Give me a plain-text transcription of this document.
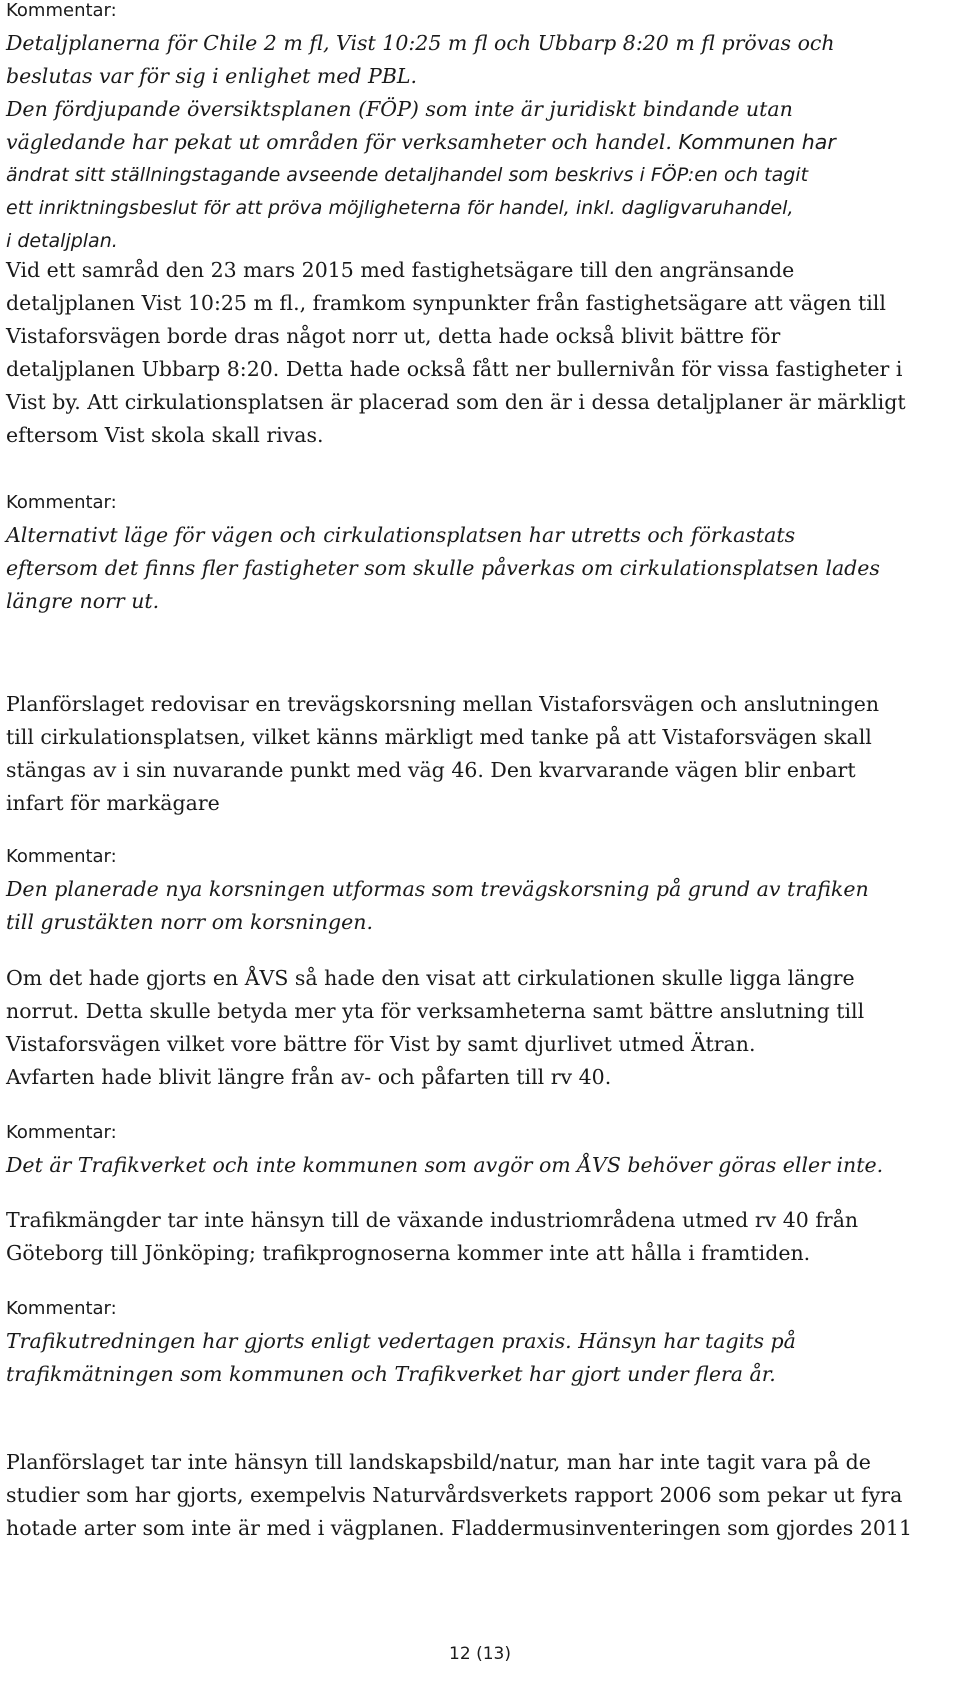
Kommentar:

Detaljplanerna för Chile 2 m fl, Vist 10:25 m fl och Ubbarp 8:20 m fl prövas och
beslutas var för sig i enlighet med PBL.
Den fördjupande översiktsplanen (FÖP) som inte är juridiskt bindande utan
vägledande har pekat ut områden för verksamheter och handel. Kommunen har

ändrat sitt ställningstagande avseende detaljhandel som beskrivs i FÖP:en och tagit
ett inriktningsbeslut för att pröva möjligheterna för handel, inkl. dagligvaruhandel,
i detaljplan.

Vid ett samråd den 23 mars 2015 med fastighetsägare till den angränsande
detaljplanen Vist 10:25 m fl., framkom synpunkter från fastighetsägare att vägen till
Vistaforsvägen borde dras något norr ut, detta hade också blivit bättre för
detaljplanen Ubbarp 8:20. Detta hade också fått ner bullernivån för vissa fastigheter i
Vist by. Att cirkulationsplatsen är placerad som den är i dessa detaljplaner är märkligt
eftersom Vist skola skall rivas.

Kommentar:

Alternativt läge för vägen och cirkulationsplatsen har utretts och förkastats
eftersom det finns fler fastigheter som skulle påverkas om cirkulationsplatsen lades
längre norr ut.

Planförslaget redovisar en trevägskorsning mellan Vistaforsvägen och anslutningen
till cirkulationsplatsen, vilket känns märkligt med tanke på att Vistaforsvägen skall
stängas av i sin nuvarande punkt med väg 46. Den kvarvarande vägen blir enbart
infart för markägare

Kommentar:

Den planerade nya korsningen utformas som trevägskorsning på grund av trafiken
till grustäkten norr om korsningen.

Om det hade gjorts en ÅVS så hade den visat att cirkulationen skulle ligga längre
norrut. Detta skulle betyda mer yta för verksamheterna samt bättre anslutning till
Vistaforsvägen vilket vore bättre för Vist by samt djurlivet utmed Ätran.
Avfarten hade blivit längre från av- och påfarten till rv 40.

Kommentar:

Det är Trafikverket och inte kommunen som avgör om ÅVS behöver göras eller inte.

Trafikmängder tar inte hänsyn till de växande industriområdena utmed rv 40 från
Göteborg till Jönköping; trafikprognoserna kommer inte att hålla i framtiden.

Kommentar:

Trafikutredningen har gjorts enligt vedertagen praxis. Hänsyn har tagits på
trafikmätningen som kommunen och Trafikverket har gjort under flera år.

Planförslaget tar inte hänsyn till landskapsbild/natur, man har inte tagit vara på de
studier som har gjorts, exempelvis Naturvårdsverkets rapport 2006 som pekar ut fyra
hotade arter som inte är med i vägplanen. Fladdermusinventeringen som gjordes 2011

12 (13)
